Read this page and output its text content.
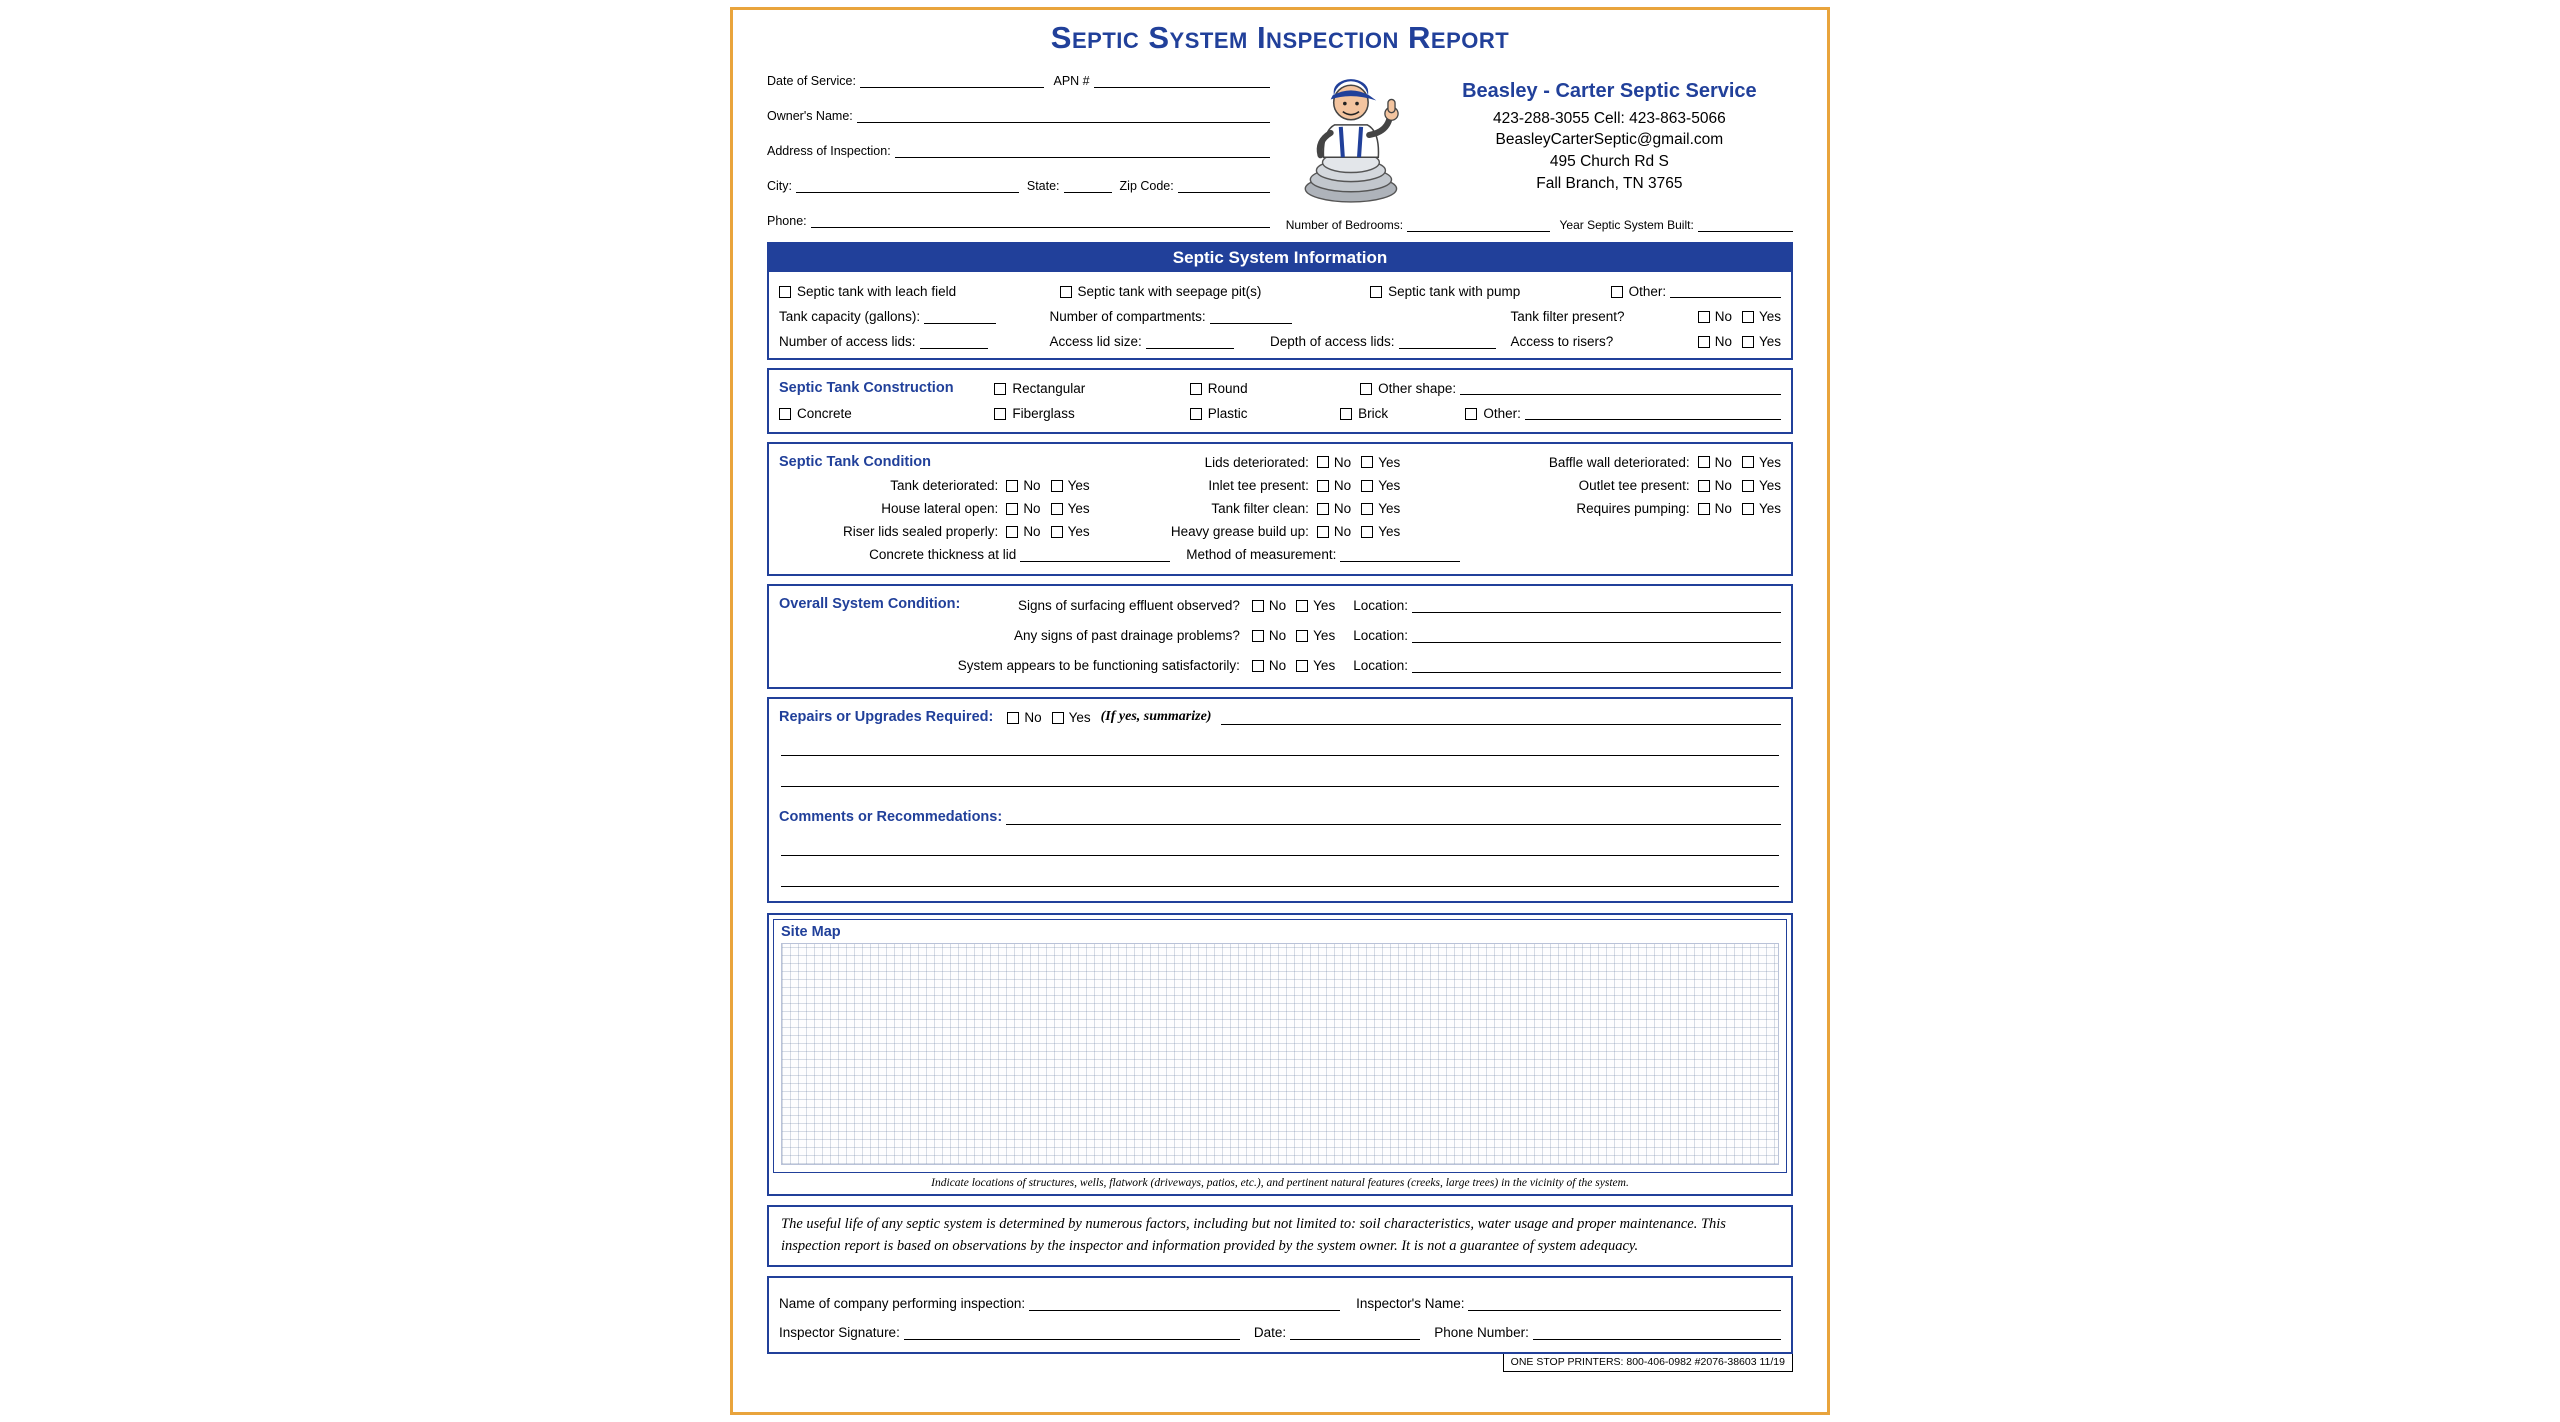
Septic System Inspection Report
Date of Service:	APN #
Owner's Name:
Address of Inspection:
City:	State:	Zip Code:
Phone:
Beasley - Carter Septic Service
423-288-3055 Cell: 423-863-5066
BeasleyCarterSeptic@gmail.com
495 Church Rd S
Fall Branch, TN 3765
Number of Bedrooms:	Year Septic System Built:
Septic System Information
Septic tank with leach field	Septic tank with seepage pit(s)	Septic tank with pump	Other:
Tank capacity (gallons):	Number of compartments:	Tank filter present?	No Yes
Number of access lids:	Access lid size:	Depth of access lids:	Access to risers?	No Yes
Septic Tank Construction	Rectangular	Round	Other shape:
Concrete	Fiberglass	Plastic	Brick	Other:
Septic Tank Condition	Lids deteriorated:	No Yes	Baffle wall deteriorated:	No Yes
Tank deteriorated:	No Yes	Inlet tee present:	No Yes	Outlet tee present:	No Yes
House lateral open:	No Yes	Tank filter clean:	No Yes	Requires pumping:	No Yes
Riser lids sealed properly:	No Yes	Heavy grease build up:	No Yes
Concrete thickness at lid	Method of measurement:
Overall System Condition:	Signs of surfacing effluent observed? No Yes Location:
Any signs of past drainage problems? No Yes Location:
System appears to be functioning satisfactorily: No Yes Location:
Repairs or Upgrades Required: No Yes (If yes, summarize)
Comments or Recommedations:
Site Map
Indicate locations of structures, wells, flatwork (driveways, patios, etc.), and pertinent natural features (creeks, large trees) in the vicinity of the system.
The useful life of any septic system is determined by numerous factors, including but not limited to: soil characteristics, water usage and proper maintenance. This inspection report is based on observations by the inspector and information provided by the system owner. It is not a guarantee of system adequacy.
Name of company performing inspection:	Inspector's Name:
Inspector Signature:	Date:	Phone Number:
ONE STOP PRINTERS: 800-406-0982 #2076-38603 11/19
